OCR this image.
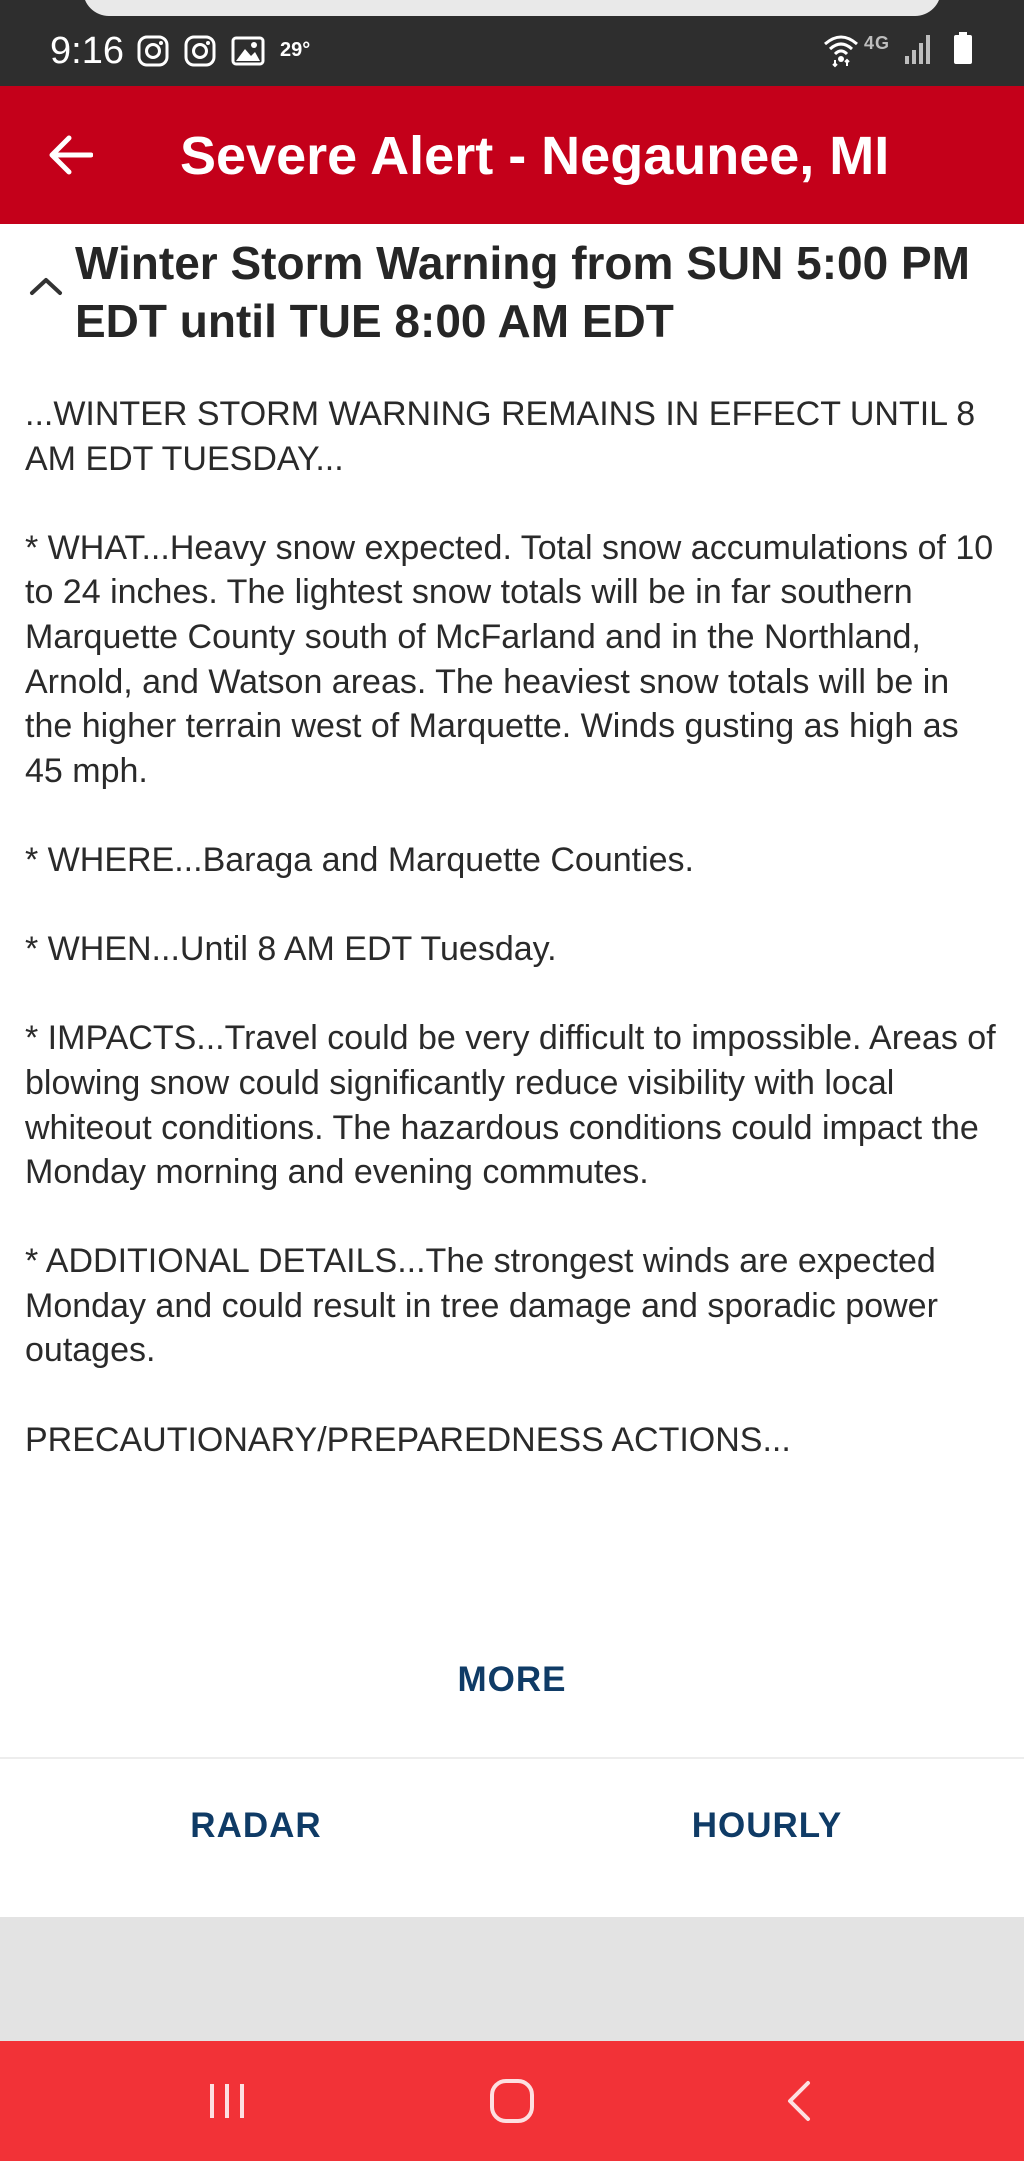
9:16	29°	4G
Severe Alert - Negaunee, MI
Winter Storm Warning from SUN 5:00 PM EDT until TUE 8:00 AM EDT

...WINTER STORM WARNING REMAINS IN EFFECT UNTIL 8 AM EDT TUESDAY...

* WHAT...Heavy snow expected. Total snow accumulations of 10 to 24 inches. The lightest snow totals will be in far southern Marquette County south of McFarland and in the Northland, Arnold, and Watson areas. The heaviest snow totals will be in the higher terrain west of Marquette. Winds gusting as high as 45 mph.

* WHERE...Baraga and Marquette Counties.

* WHEN...Until 8 AM EDT Tuesday.

* IMPACTS...Travel could be very difficult to impossible. Areas of blowing snow could significantly reduce visibility with local whiteout conditions. The hazardous conditions could impact the Monday morning and evening commutes.

* ADDITIONAL DETAILS...The strongest winds are expected Monday and could result in tree damage and sporadic power outages.

PRECAUTIONARY/PREPAREDNESS ACTIONS...

MORE
RADAR	HOURLY
